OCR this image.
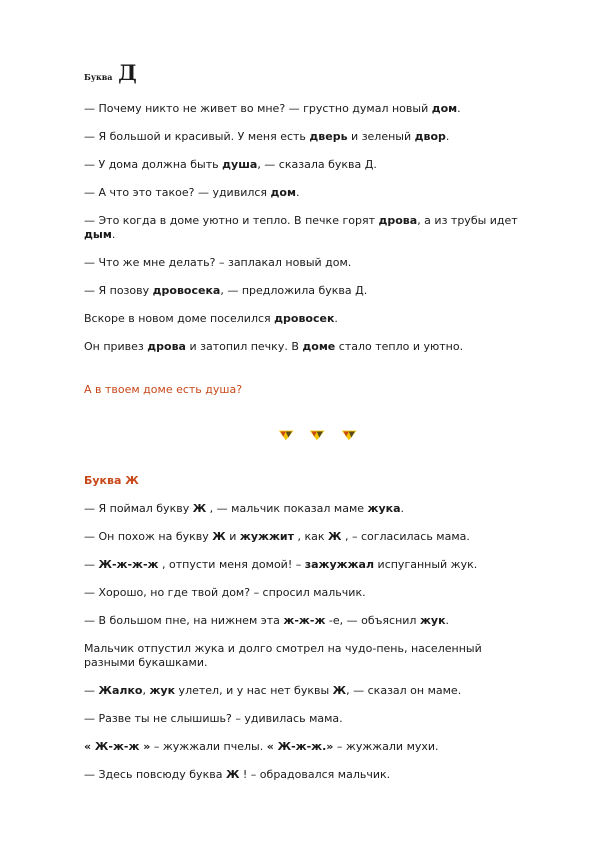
Буква Д
— Почему никто не живет во мне? — грустно думал новый дом.
— Я большой и красивый. У меня есть дверь и зеленый двор.
— У дома должна быть душа, — сказала буква Д.
— А что это такое? — удивился дом.
— Это когда в доме уютно и тепло. В печке горят дрова, а из трубы идет дым.
— Что же мне делать? – заплакал новый дом.
— Я позову дровосека, — предложила буква Д.
Вскоре в новом доме поселился дровосек.
Он привез дрова и затопил печку. В доме стало тепло и уютно.
А в твоем доме есть душа?
Буква Ж
— Я поймал букву Ж , — мальчик показал маме жука.
— Он похож на букву Ж и жужжит , как Ж , – согласилась мама.
— Ж-ж-ж-ж , отпусти меня домой! – зажужжал испуганный жук.
— Хорошо, но где твой дом? – спросил мальчик.
— В большом пне, на нижнем эта ж-ж-ж -е, — объяснил жук.
Мальчик отпустил жука и долго смотрел на чудо-пень, населенный разными букашками.
— Жалко, жук улетел, и у нас нет буквы Ж, — сказал он маме.
— Разве ты не слышишь? – удивилась мама.
« Ж-ж-ж » – жужжали пчелы. « Ж-ж-ж.» – жужжали мухи.
— Здесь повсюду буква Ж ! – обрадовался мальчик.
